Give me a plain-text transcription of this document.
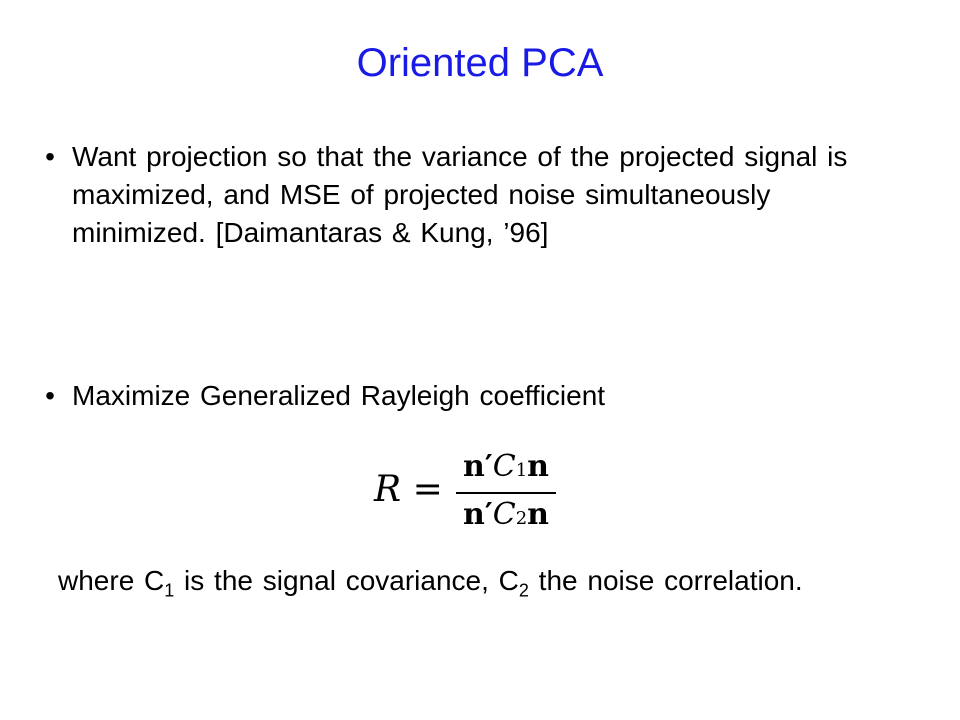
Oriented PCA
• Want projection so that the variance of the projected signal is maximized, and MSE of projected noise simultaneously minimized. [Daimantaras & Kung, ’96]
• Maximize Generalized Rayleigh coefficient
R =
n′C1n
n′C2n
where $C_1$ is the signal covariance, $C_2$ the noise correlation.
